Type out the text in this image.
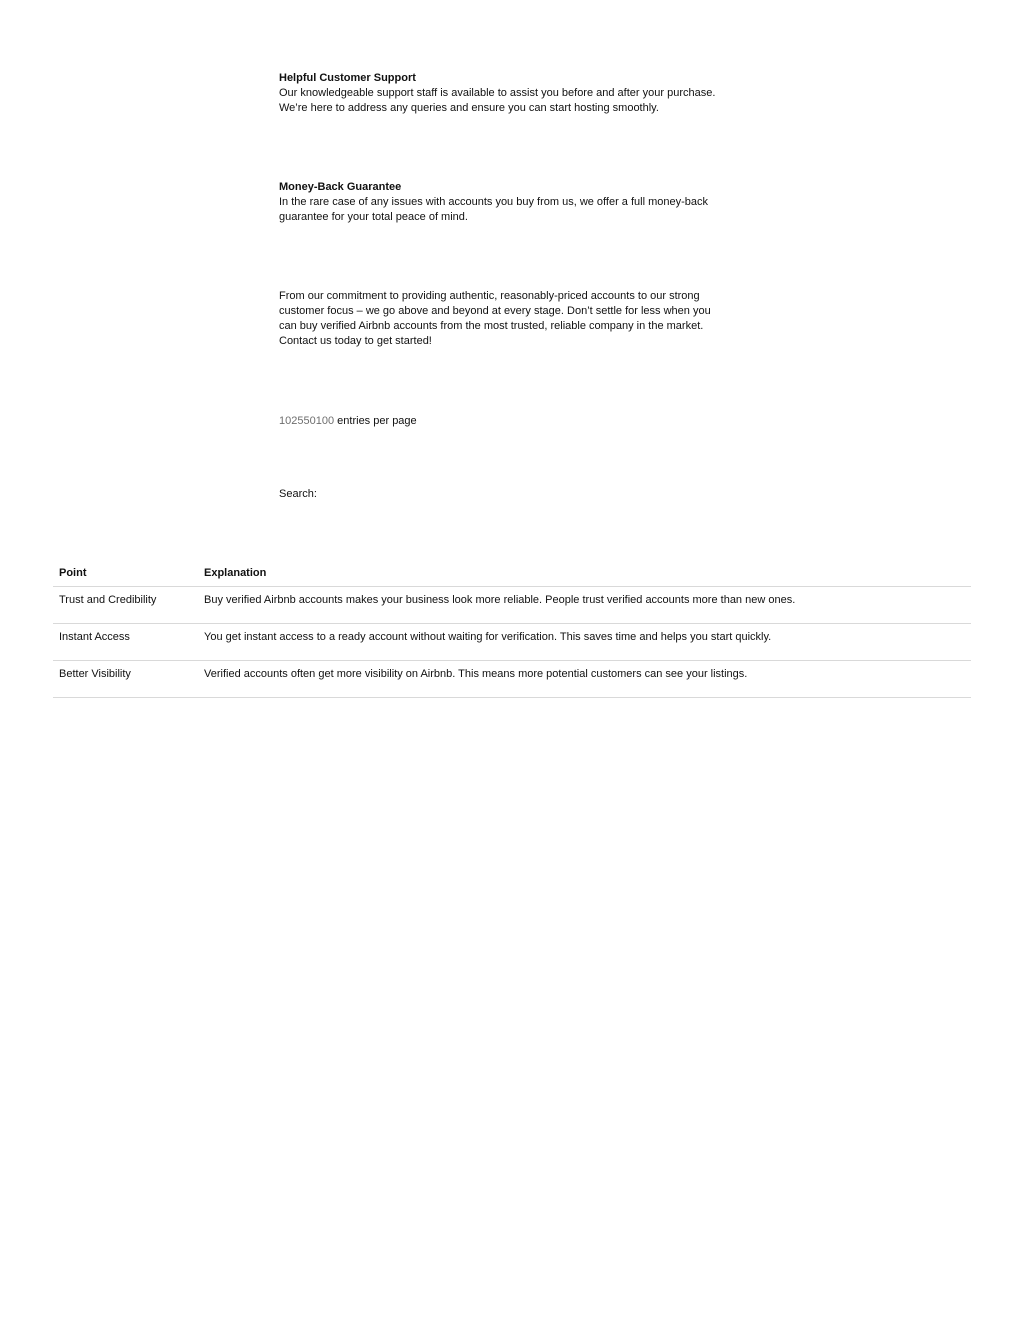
Helpful Customer Support
Our knowledgeable support staff is available to assist you before and after your purchase.
We’re here to address any queries and ensure you can start hosting smoothly.
Money-Back Guarantee
In the rare case of any issues with accounts you buy from us, we offer a full money-back
guarantee for your total peace of mind.
From our commitment to providing authentic, reasonably-priced accounts to our strong
customer focus – we go above and beyond at every stage. Don’t settle for less when you
can buy verified Airbnb accounts from the most trusted, reliable company in the market.
Contact us today to get started!
102550100 entries per page
Search:
Point	Explanation
Trust and Credibility	Buy verified Airbnb accounts makes your business look more reliable. People trust verified accounts more than new ones.
Instant Access	You get instant access to a ready account without waiting for verification. This saves time and helps you start quickly.
Better Visibility	Verified accounts often get more visibility on Airbnb. This means more potential customers can see your listings.
